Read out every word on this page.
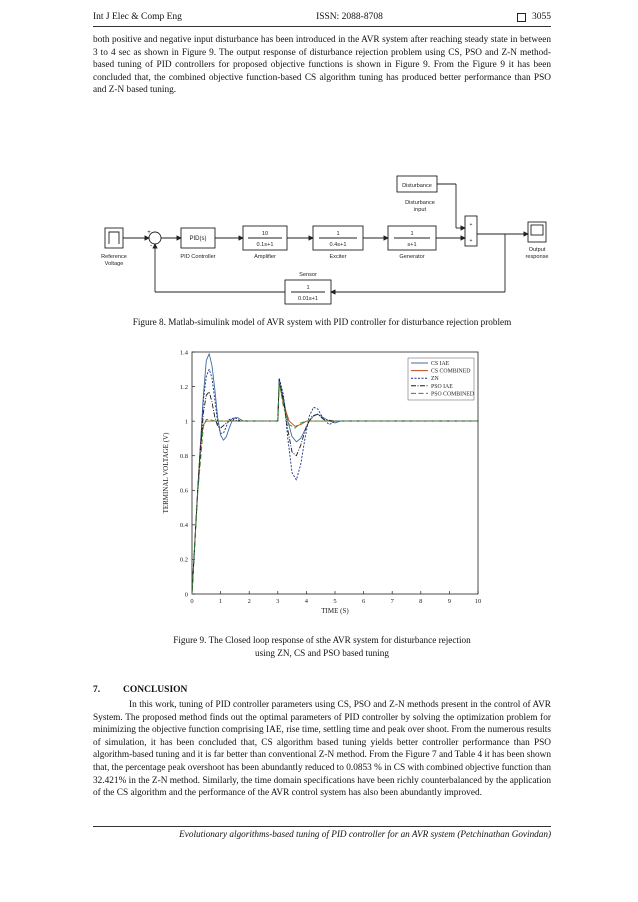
Int J Elec & Comp Eng	ISSN: 2088-8708	3055
both positive and negative input disturbance has been introduced in the AVR system after reaching steady state in between 3 to 4 sec as shown in Figure 9. The output response of disturbance rejection problem using CS, PSO and Z-N method-based tuning of PID controllers for proposed objective functions is shown in Figure 9. From the Figure 9 it has been concluded that, the combined objective function-based CS algorithm tuning has produced better performance than PSO and Z-N based tuning.
Disturbance
Disturbance
input
Reference
Voltage
+
-
PID(s)
PID Controller
10
0.1s+1
Amplifier
1
0.4s+1
Exciter
1
s+1
Generator
+
+
Output
response
Sensor
1
0.01s+1
Figure 8. Matlab-simulink model of AVR system with PID controller for disturbance rejection problem
0	1	2	3	4	5	6	7	8	9	10
0
0.2
0.4
0.6
0.8
1
1.2
1.4
TIME (S)
TERMINAL VOLTAGE (V)
CS IAE
CS COMBINED
ZN
PSO IAE
PSO COMBINED
Figure 9. The Closed loop response of sthe AVR system for disturbance rejection
using ZN, CS and PSO based tuning
7. CONCLUSION
In this work, tuning of PID controller parameters using CS, PSO and Z-N methods present in the control of AVR System. The proposed method finds out the optimal parameters of PID controller by solving the optimization problem for minimizing the objective function comprising IAE, rise time, settling time and peak over shoot. From the numerous results of simulation, it has been concluded that, CS algorithm based tuning yields better controller performance than PSO algorithm-based tuning and it is far better than conventional Z-N method. From the Figure 7 and Table 4 it has been shown that, the percentage peak overshoot has been abundantly reduced to 0.0853 % in CS with combined objective function than 32.421% in the Z-N method. Similarly, the time domain specifications have been richly counterbalanced by the application of the CS algorithm and the performance of the AVR control system has also been abundantly improved.
Evolutionary algorithms-based tuning of PID controller for an AVR system (Petchinathan Govindan)
